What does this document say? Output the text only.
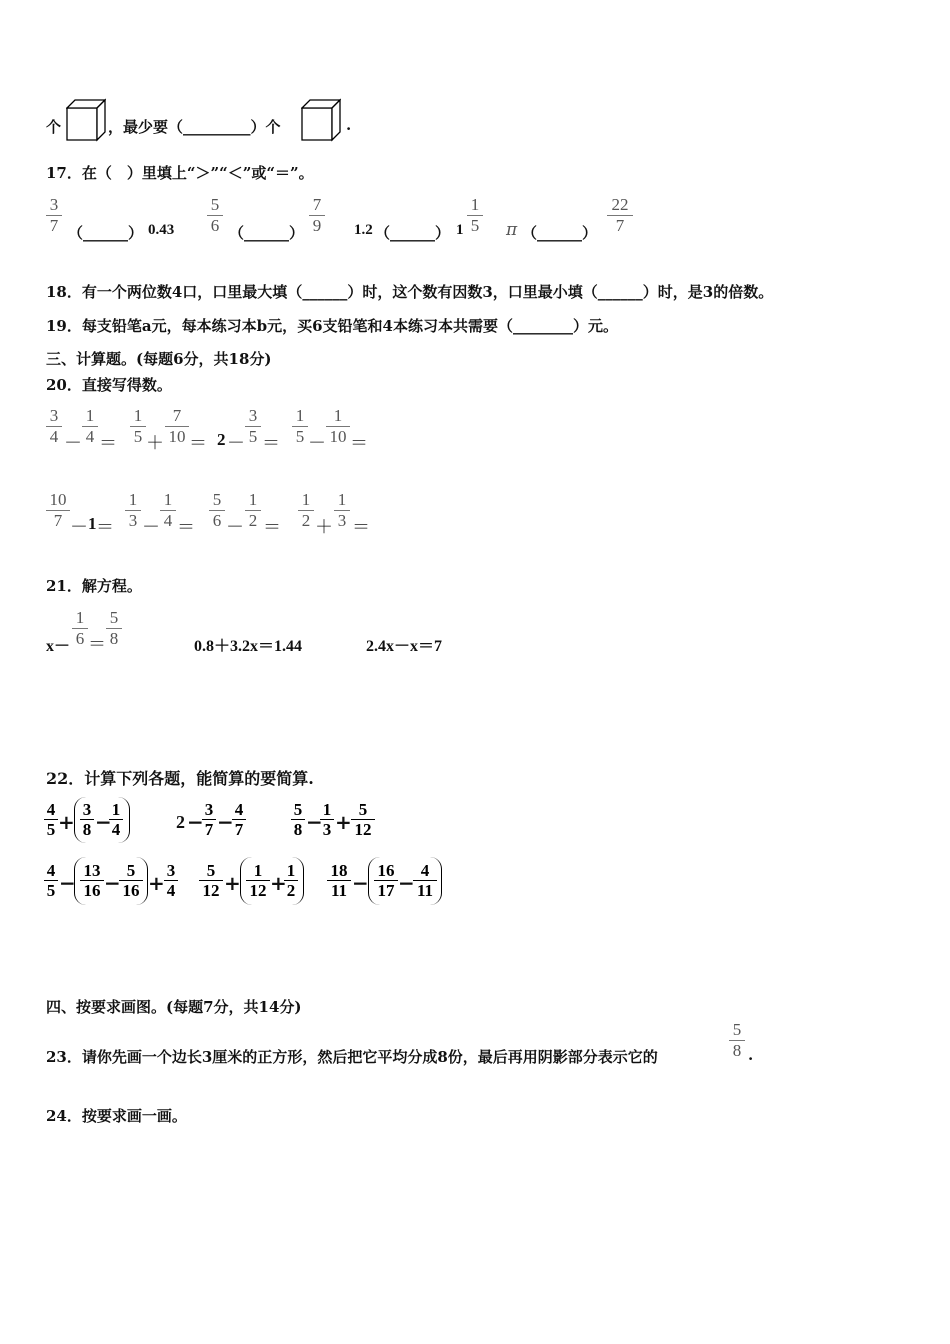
个	，最少要（_________）个	.
17．在（　）里填上“＞”“＜”或“＝”。
3
7 （______） 0.43
5
6 （______）
7
9 1.2 （______） 1
1
5 π （______）
22
7
18．有一个两位数4口，口里最大填（______）时，这个数有因数3，口里最小填（______）时，是3的倍数。
19．每支铅笔a元，每本练习本b元，买6支铅笔和4本练习本共需要（________）元。
三、计算题。(每题6分，共18分)
20．直接写得数。
3
4 －
1
4 ＝
1
5 ＋
7
10 ＝ 2 －
3
5 ＝
1
5 －
1
10 ＝
10
7 － 1 ＝
1
3 －
1
4 ＝
5
6 －
1
2 ＝
1
2 ＋
1
3 ＝
21．解方程。
x－
1
6 ＝
5
8	0.8＋3.2x＝1.44	2.4x－x＝7
22．计算下列各题，能简算的要简算.
4
5 +
3
8 −
1
4	2 −
3
7 −
4
7
5
8 −
1
3 +
5
12
4
5 −
13
16 −
5
16 +
3
4
5
12 +
1
12 +
1
2
18
11 −
16
17 −
4
11
四、按要求画图。(每题7分，共14分)
23．请你先画一个边长3厘米的正方形，然后把它平均分成8份，最后再用阴影部分表示它的
5
8 .
24．按要求画一画。
